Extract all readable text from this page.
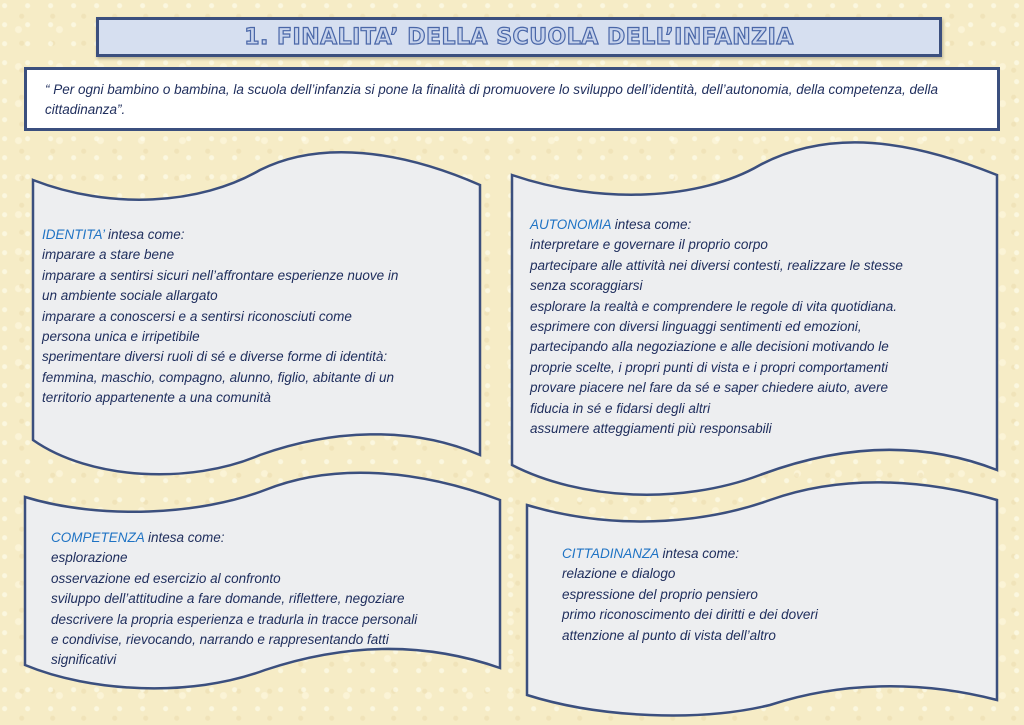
1. FINALITA’ DELLA SCUOLA DELL’INFANZIA
“ Per ogni bambino o bambina, la scuola dell’infanzia si pone la finalità di promuovere lo sviluppo dell’identità, dell’autonomia, della competenza, della cittadinanza”.
IDENTITA’ intesa come:
imparare a stare bene
imparare a sentirsi sicuri nell’affrontare esperienze nuove in
un ambiente sociale allargato
imparare a conoscersi e a sentirsi riconosciuti come
persona unica e irripetibile
sperimentare diversi ruoli di sé e diverse forme di identità:
femmina, maschio, compagno, alunno, figlio, abitante di un
territorio appartenente a una comunità
AUTONOMIA intesa come:
interpretare e governare il proprio corpo
partecipare alle attività nei diversi contesti, realizzare le stesse
senza scoraggiarsi
esplorare la realtà e comprendere le regole di vita quotidiana.
esprimere con diversi linguaggi sentimenti ed emozioni,
partecipando alla negoziazione e alle decisioni motivando le
proprie scelte, i propri punti di vista e i propri comportamenti
provare piacere nel fare da sé e saper chiedere aiuto, avere
fiducia in sé e fidarsi degli altri
assumere atteggiamenti più responsabili
COMPETENZA intesa come:
esplorazione
osservazione ed esercizio al confronto
sviluppo dell’attitudine a fare domande, riflettere, negoziare
descrivere la propria esperienza e tradurla in tracce personali
e condivise, rievocando, narrando e rappresentando fatti
significativi
CITTADINANZA intesa come:
relazione e dialogo
espressione del proprio pensiero
primo riconoscimento dei diritti e dei doveri
attenzione al punto di vista dell’altro
